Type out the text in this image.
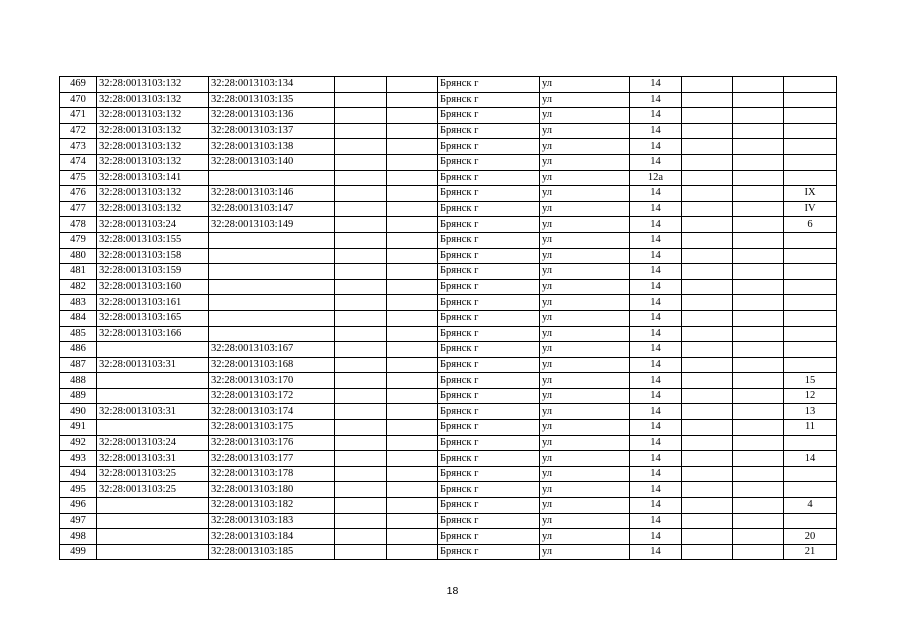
469	32:28:0013103:132	32:28:0013103:134			Брянск г	ул	14			
470	32:28:0013103:132	32:28:0013103:135			Брянск г	ул	14			
471	32:28:0013103:132	32:28:0013103:136			Брянск г	ул	14			
472	32:28:0013103:132	32:28:0013103:137			Брянск г	ул	14			
473	32:28:0013103:132	32:28:0013103:138			Брянск г	ул	14			
474	32:28:0013103:132	32:28:0013103:140			Брянск г	ул	14			
475	32:28:0013103:141				Брянск г	ул	12а			
476	32:28:0013103:132	32:28:0013103:146			Брянск г	ул	14			IX
477	32:28:0013103:132	32:28:0013103:147			Брянск г	ул	14			IV
478	32:28:0013103:24	32:28:0013103:149			Брянск г	ул	14			6
479	32:28:0013103:155				Брянск г	ул	14			
480	32:28:0013103:158				Брянск г	ул	14			
481	32:28:0013103:159				Брянск г	ул	14			
482	32:28:0013103:160				Брянск г	ул	14			
483	32:28:0013103:161				Брянск г	ул	14			
484	32:28:0013103:165				Брянск г	ул	14			
485	32:28:0013103:166				Брянск г	ул	14			
486		32:28:0013103:167			Брянск г	ул	14			
487	32:28:0013103:31	32:28:0013103:168			Брянск г	ул	14			
488		32:28:0013103:170			Брянск г	ул	14			15
489		32:28:0013103:172			Брянск г	ул	14			12
490	32:28:0013103:31	32:28:0013103:174			Брянск г	ул	14			13
491		32:28:0013103:175			Брянск г	ул	14			11
492	32:28:0013103:24	32:28:0013103:176			Брянск г	ул	14			
493	32:28:0013103:31	32:28:0013103:177			Брянск г	ул	14			14
494	32:28:0013103:25	32:28:0013103:178			Брянск г	ул	14			
495	32:28:0013103:25	32:28:0013103:180			Брянск г	ул	14			
496		32:28:0013103:182			Брянск г	ул	14			4
497		32:28:0013103:183			Брянск г	ул	14			
498		32:28:0013103:184			Брянск г	ул	14			20
499		32:28:0013103:185			Брянск г	ул	14			21
18
